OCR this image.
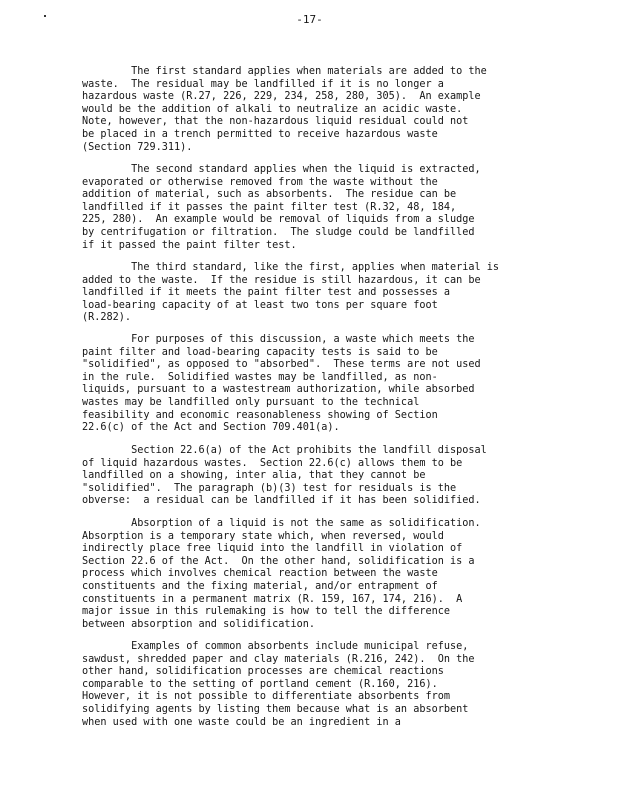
-17-
The first standard applies when materials are added to the
waste.  The residual may be landfilled if it is no longer a
hazardous waste (R.27, 226, 229, 234, 258, 280, 305).  An example
would be the addition of alkali to neutralize an acidic waste.
Note, however, that the non-hazardous liquid residual could not
be placed in a trench permitted to receive hazardous waste
(Section 729.311).
The second standard applies when the liquid is extracted,
evaporated or otherwise removed from the waste without the
addition of material, such as absorbents.  The residue can be
landfilled if it passes the paint filter test (R.32, 48, 184,
225, 280).  An example would be removal of liquids from a sludge
by centrifugation or filtration.  The sludge could be landfilled
if it passed the paint filter test.
The third standard, like the first, applies when material is
added to the waste.  If the residue is still hazardous, it can be
landfilled if it meets the paint filter test and possesses a
load-bearing capacity of at least two tons per square foot
(R.282).
For purposes of this discussion, a waste which meets the
paint filter and load-bearing capacity tests is said to be
"solidified", as opposed to "absorbed".  These terms are not used
in the rule.  Solidified wastes may be landfilled, as non-
liquids, pursuant to a wastestream authorization, while absorbed
wastes may be landfilled only pursuant to the technical
feasibility and economic reasonableness showing of Section
22.6(c) of the Act and Section 709.401(a).
Section 22.6(a) of the Act prohibits the landfill disposal
of liquid hazardous wastes.  Section 22.6(c) allows them to be
landfilled on a showing, inter alia, that they cannot be
"solidified".  The paragraph (b)(3) test for residuals is the
obverse:  a residual can be landfilled if it has been solidified.
Absorption of a liquid is not the same as solidification.
Absorption is a temporary state which, when reversed, would
indirectly place free liquid into the landfill in violation of
Section 22.6 of the Act.  On the other hand, solidification is a
process which involves chemical reaction between the waste
constituents and the fixing material, and/or entrapment of
constituents in a permanent matrix (R. 159, 167, 174, 216).  A
major issue in this rulemaking is how to tell the difference
between absorption and solidification.
Examples of common absorbents include municipal refuse,
sawdust, shredded paper and clay materials (R.216, 242).  On the
other hand, solidification processes are chemical reactions
comparable to the setting of portland cement (R.160, 216).
However, it is not possible to differentiate absorbents from
solidifying agents by listing them because what is an absorbent
when used with one waste could be an ingredient in a
